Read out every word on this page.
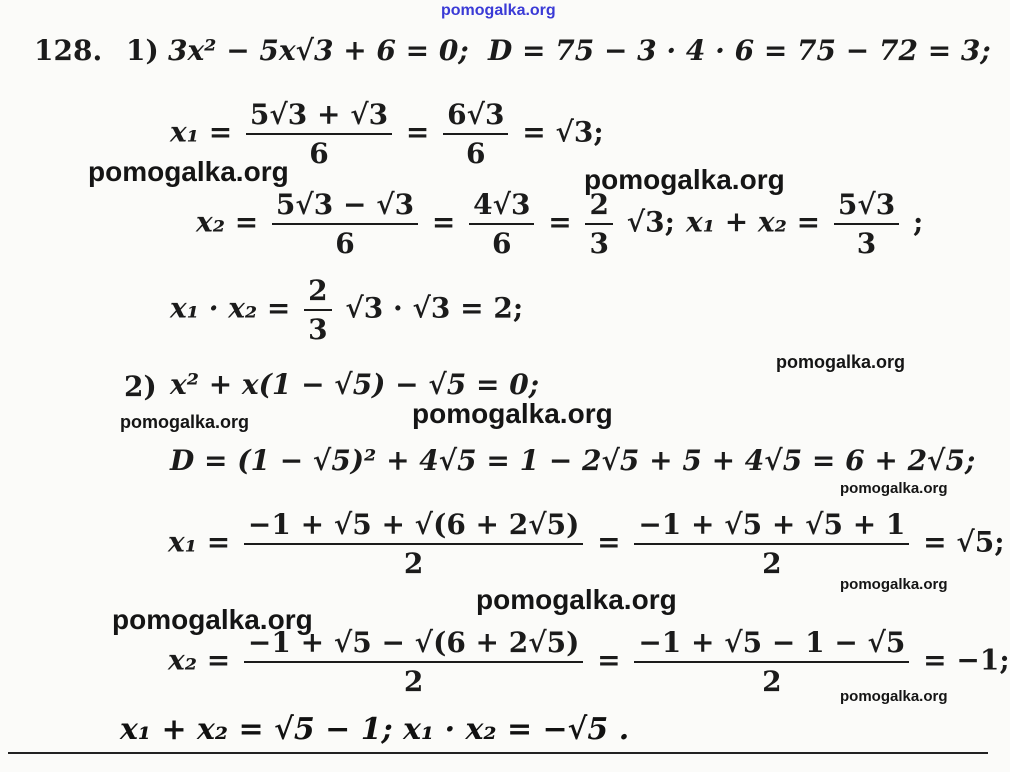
pomogalka.org
128. 1) 3x² − 5x√3 + 6 = 0; D = 75 − 3 · 4 · 6 = 75 − 72 = 3;
$x_1 = \frac{5√3 + √3}{6} = \frac{6√3}{6} = √3$;
$x_2 = \frac{5√3 - √3}{6} = \frac{4√3}{6} = \frac{2}{3} √3$; $x_1 + x_2 = \frac{5√3}{3}$ ;
$x_1 \cdot x_2 = \frac{2}{3} √3 \cdot √3 = 2$;
2) x² + x(1 − √5) − √5 = 0;
D = (1 − √5)² + 4√5 = 1 − 2√5 + 5 + 4√5 = 6 + 2√5;
$x_1 = \frac{-1 + √5 + √(6 + 2√5)}{2} = \frac{-1 + √5 + √5 + 1}{2} = √5$;
$x_2 = \frac{-1 + √5 - √(6 + 2√5)}{2} = \frac{-1 + √5 - 1 - √5}{2} = -1$;
x₁ + x₂ = √5 − 1; x₁ · x₂ = −√5 .
pomogalka.org	pomogalka.org
pomogalka.org
pomogalka.org	pomogalka.org
pomogalka.org
pomogalka.org
pomogalka.org
pomogalka.org
pomogalka.org
